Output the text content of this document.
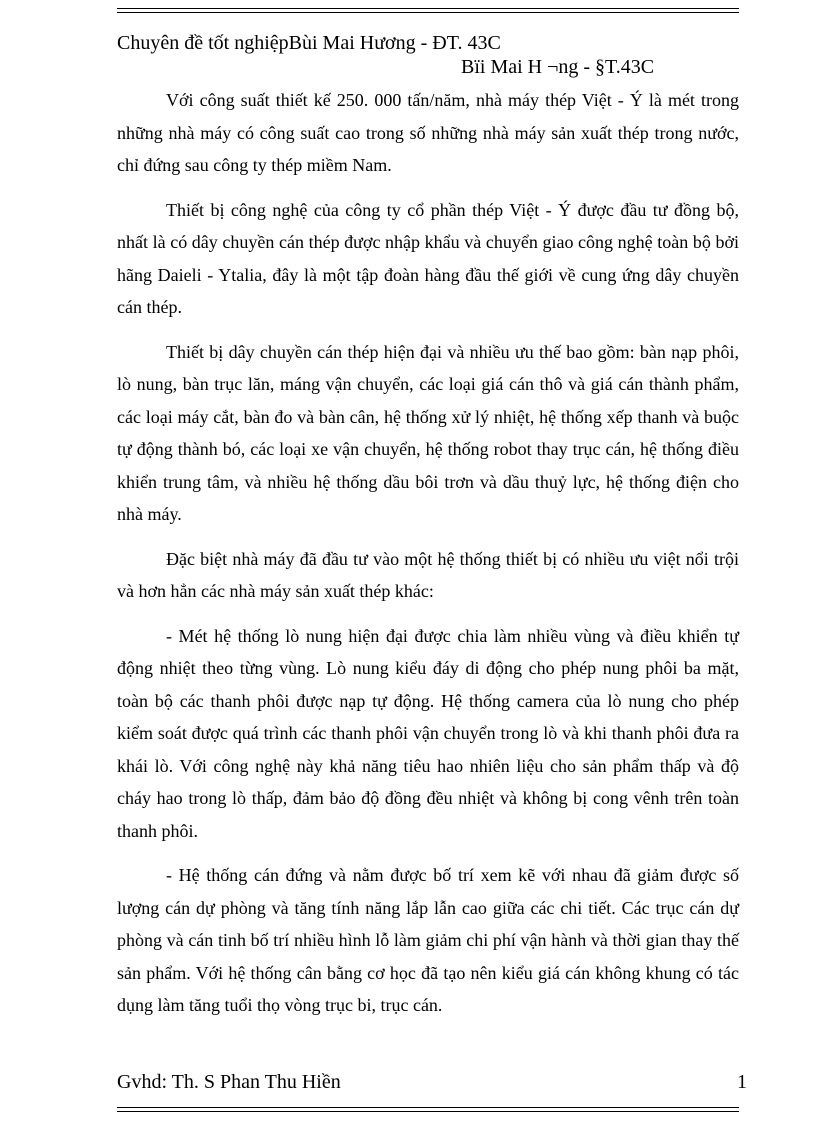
Chuyên đề tốt nghiệpBùi Mai Hương - ĐT. 43C
Bïi Mai H ¬ng - §T.43C

Với công suất thiết kế 250. 000 tấn/năm, nhà máy thép Việt - Ý là mét trong những nhà máy có công suất cao trong số những nhà máy sản xuất thép trong nước, chỉ đứng sau công ty thép miềm Nam.

Thiết bị công nghệ của công ty cổ phần thép Việt - Ý được đầu tư đồng bộ, nhất là có dây chuyền cán thép được nhập khẩu và chuyển giao công nghệ toàn bộ bởi hãng Daieli - Ytalia, đây là một tập đoàn hàng đầu thế giới về cung ứng dây chuyền cán thép.

Thiết bị dây chuyền cán thép hiện đại và nhiều ưu thế bao gồm: bàn nạp phôi, lò nung, bàn trục lăn, máng vận chuyển, các loại giá cán thô và giá cán thành phẩm, các loại máy cắt, bàn đo và bàn cân, hệ thống xử lý nhiệt, hệ thống xếp thanh và buộc tự động thành bó, các loại xe vận chuyển, hệ thống robot thay trục cán, hệ thống điều khiển trung tâm, và nhiều hệ thống dầu bôi trơn và dầu thuỷ lực, hệ thống điện cho nhà máy.

Đặc biệt nhà máy đã đầu tư vào một hệ thống thiết bị có nhiều ưu việt nổi trội và hơn hẳn các nhà máy sản xuất thép khác:

- Mét hệ thống lò nung hiện đại được chia làm nhiều vùng và điều khiển tự động nhiệt theo từng vùng. Lò nung kiểu đáy di động cho phép nung phôi ba mặt, toàn bộ các thanh phôi được nạp tự động. Hệ thống camera của lò nung cho phép kiểm soát được quá trình các thanh phôi vận chuyển trong lò và khi thanh phôi đưa ra khái lò. Với công nghệ này khả năng tiêu hao nhiên liệu cho sản phẩm thấp và độ cháy hao trong lò thấp, đảm bảo độ đồng đều nhiệt và không bị cong vênh trên toàn thanh phôi.

- Hệ thống cán đứng và nằm được bố trí xem kẽ với nhau đã giảm được số lượng cán dự phòng và tăng tính năng lắp lẫn cao giữa các chi tiết. Các trục cán dự phòng và cán tinh bố trí nhiều hình lỗ làm giảm chi phí vận hành và thời gian thay thế sản phẩm. Với hệ thống cân bằng cơ học đã tạo nên kiểu giá cán không khung có tác dụng làm tăng tuổi thọ vòng trục bi, trục cán.

Gvhd: Th. S Phan Thu Hiền	1
